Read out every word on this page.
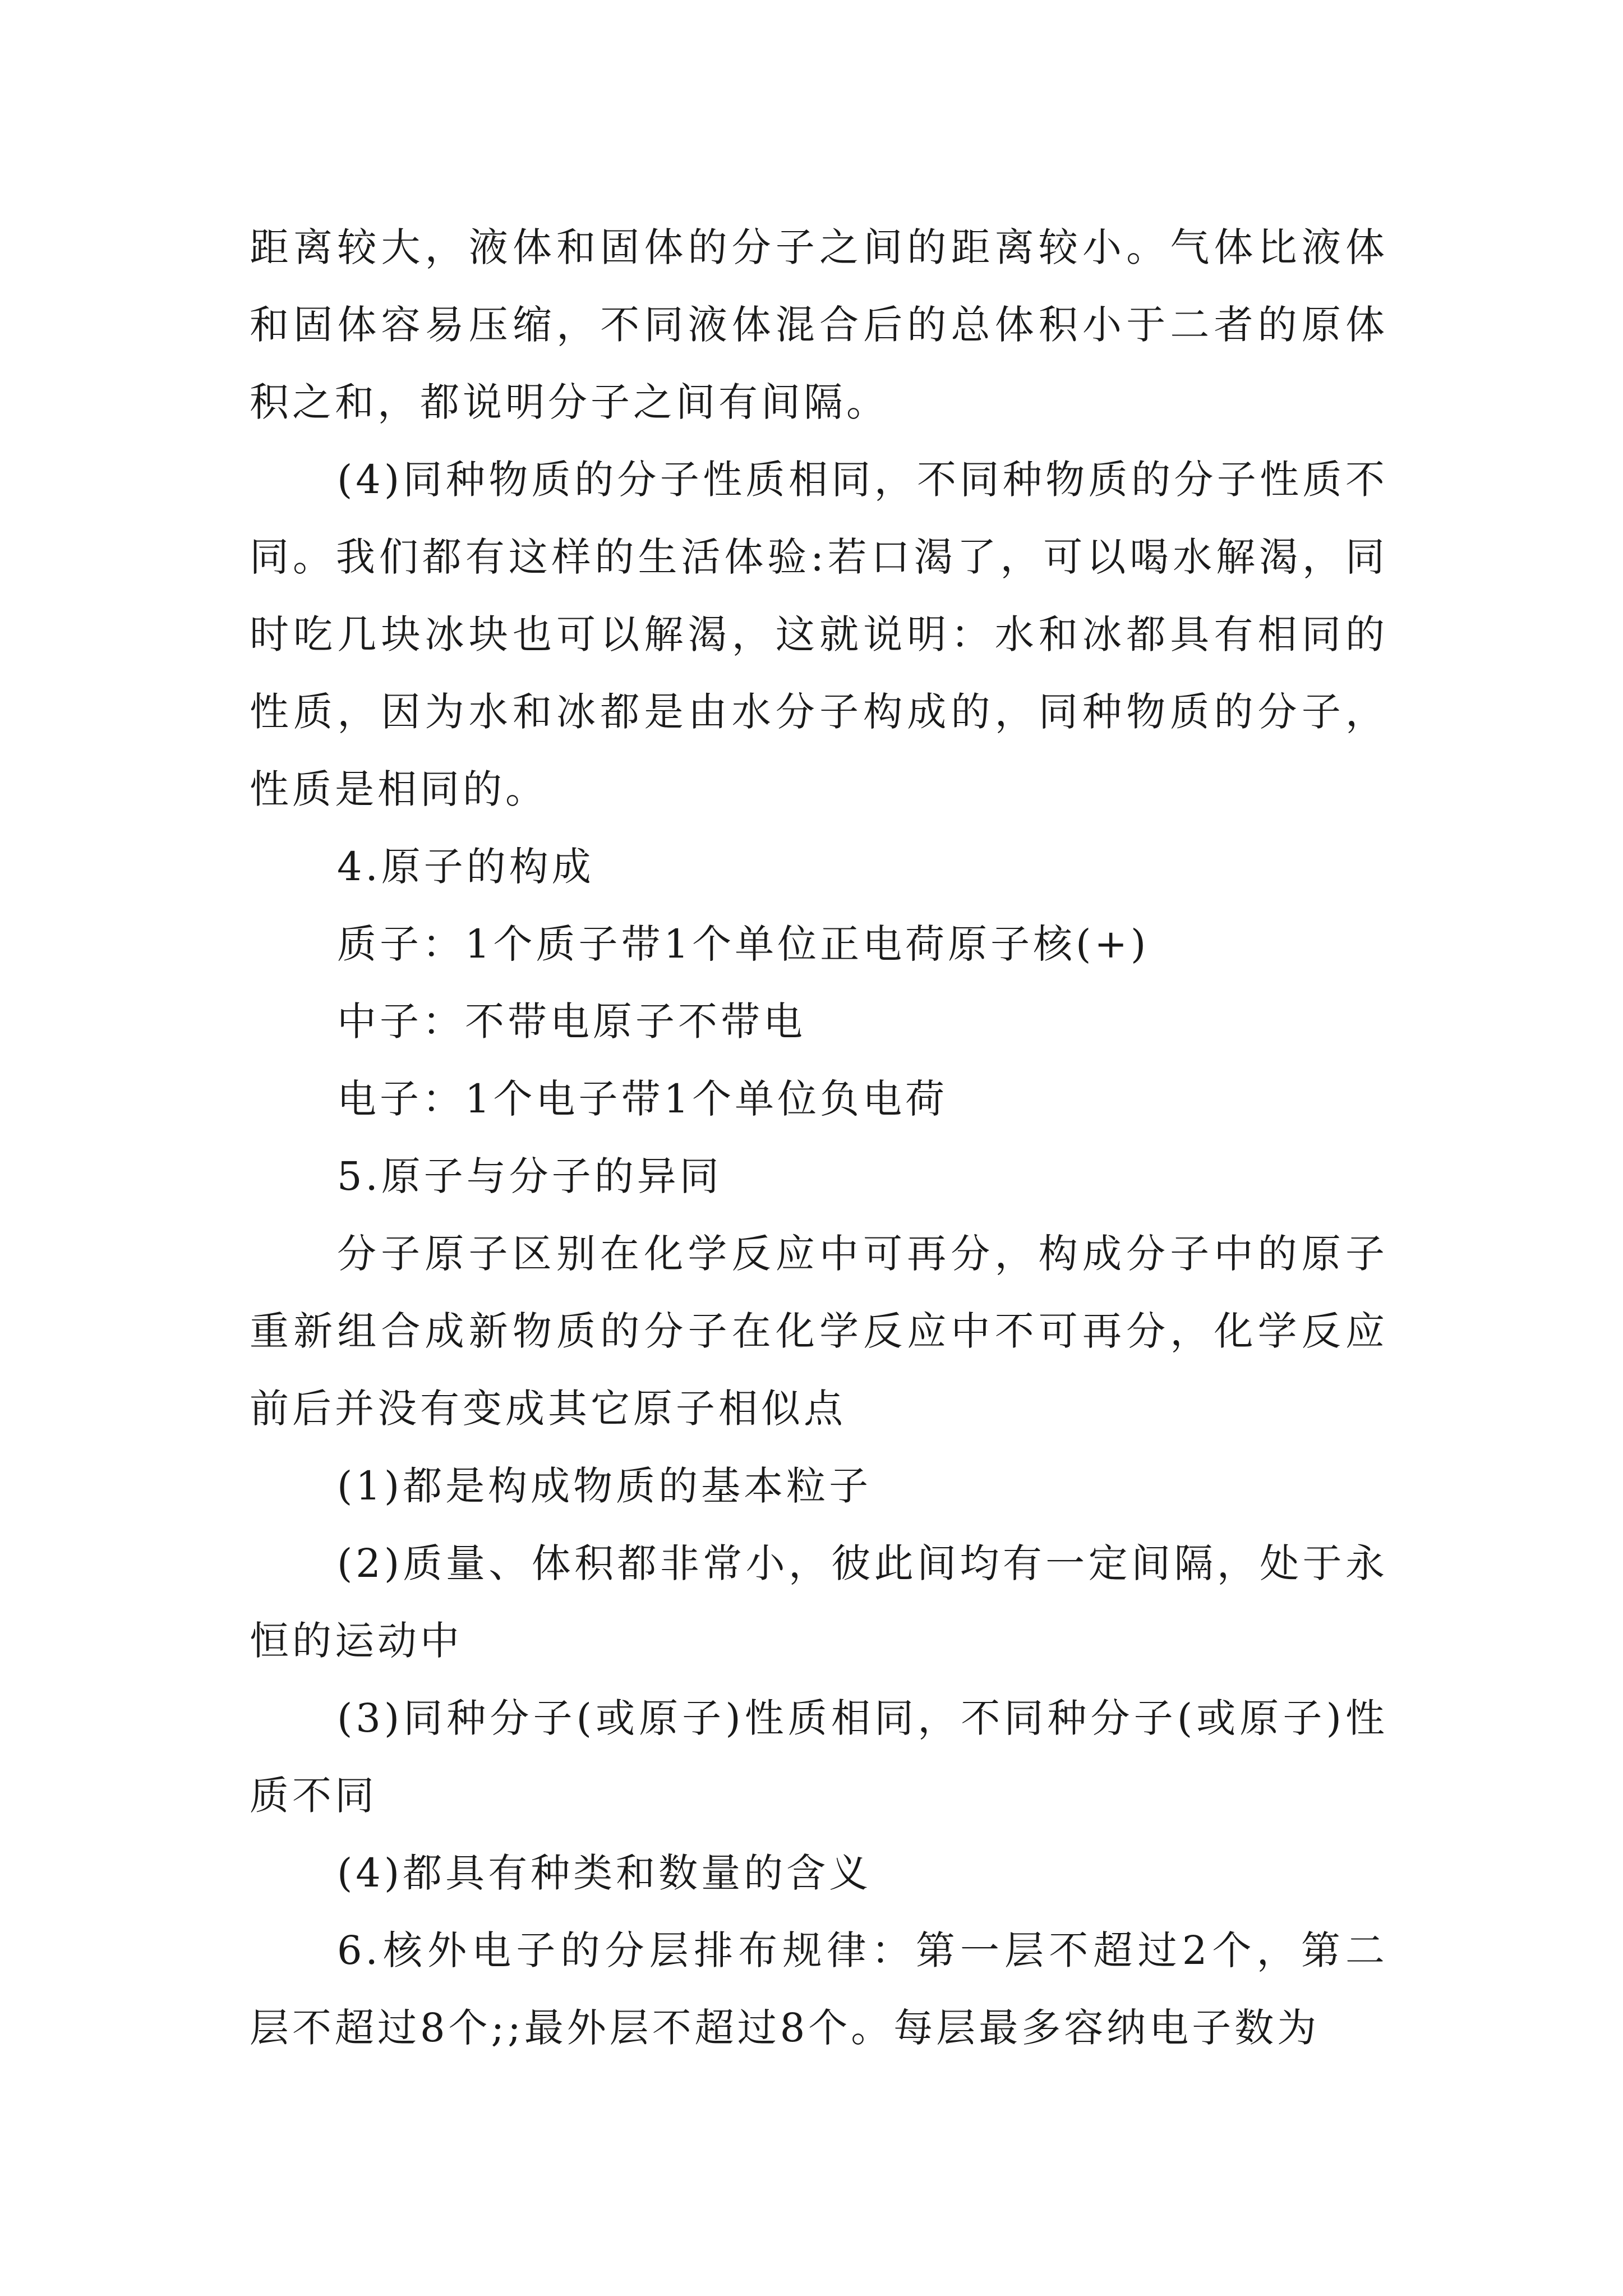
距离较大，液体和固体的分子之间的距离较小。气体比液体和固体容易压缩，不同液体混合后的总体积小于二者的原体积之和，都说明分子之间有间隔。

(4)同种物质的分子性质相同，不同种物质的分子性质不同。我们都有这样的生活体验:若口渴了，可以喝水解渴，同时吃几块冰块也可以解渴，这就说明：水和冰都具有相同的性质，因为水和冰都是由水分子构成的，同种物质的分子，性质是相同的。

4.原子的构成

质子：1个质子带1个单位正电荷原子核(+)

中子：不带电原子不带电

电子：1个电子带1个单位负电荷

5.原子与分子的异同

分子原子区别在化学反应中可再分，构成分子中的原子重新组合成新物质的分子在化学反应中不可再分，化学反应前后并没有变成其它原子相似点

(1)都是构成物质的基本粒子

(2)质量、体积都非常小，彼此间均有一定间隔，处于永恒的运动中

(3)同种分子(或原子)性质相同，不同种分子(或原子)性质不同

(4)都具有种类和数量的含义

6.核外电子的分层排布规律：第一层不超过2个，第二层不超过8个;;最外层不超过8个。每层最多容纳电子数为
